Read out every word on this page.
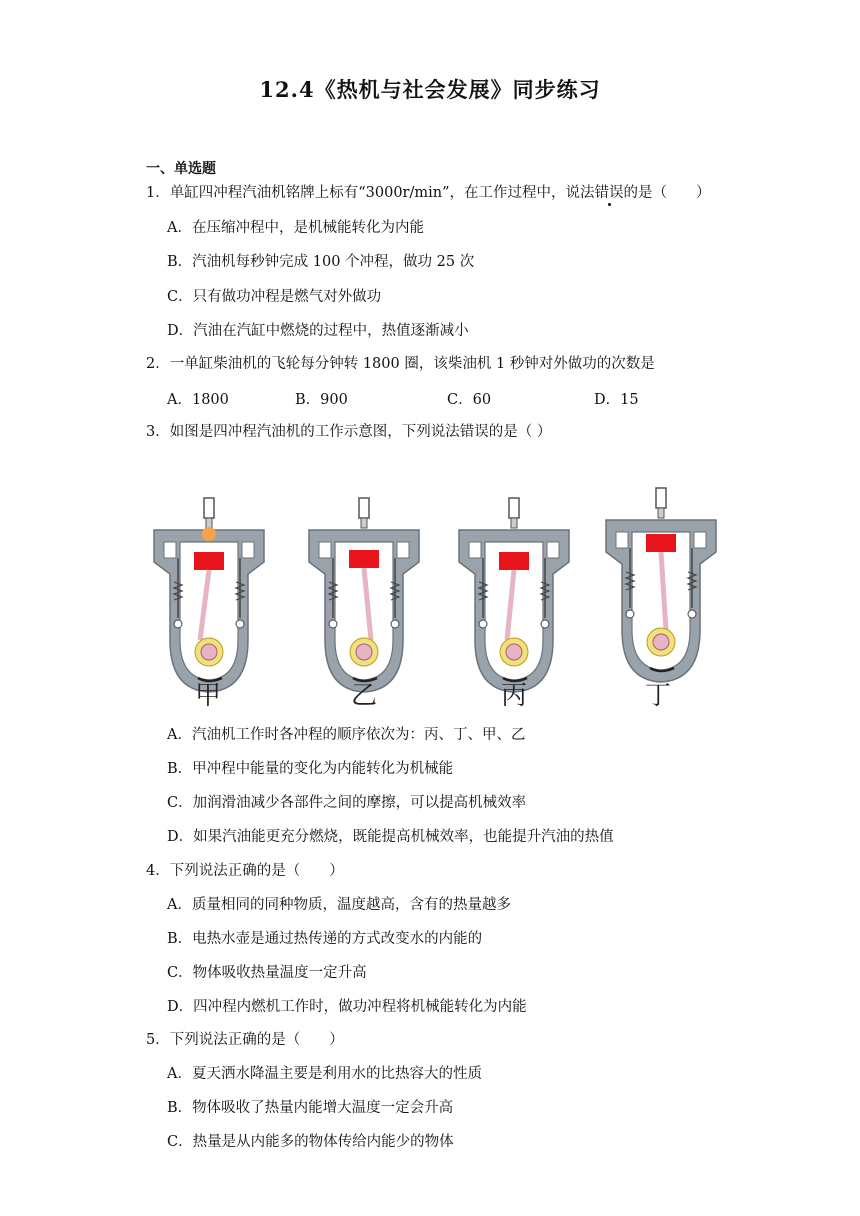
12.4《热机与社会发展》同步练习
一、单选题
1．单缸四冲程汽油机铭牌上标有“3000r/min”，在工作过程中，说法错误的是（　　）
A．在压缩冲程中，是机械能转化为内能
B．汽油机每秒钟完成 100 个冲程，做功 25 次
C．只有做功冲程是燃气对外做功
D．汽油在汽缸中燃烧的过程中，热值逐渐减小
2．一单缸柴油机的飞轮每分钟转 1800 圈，该柴油机 1 秒钟对外做功的次数是
A．1800	B．900	C．60	D．15
3．如图是四冲程汽油机的工作示意图，下列说法错误的是（ ）
甲	乙	丙	丁
A．汽油机工作时各冲程的顺序依次为：丙、丁、甲、乙
B．甲冲程中能量的变化为内能转化为机械能
C．加润滑油减少各部件之间的摩擦，可以提高机械效率
D．如果汽油能更充分燃烧，既能提高机械效率，也能提升汽油的热值
4．下列说法正确的是（　　）
A．质量相同的同种物质，温度越高，含有的热量越多
B．电热水壶是通过热传递的方式改变水的内能的
C．物体吸收热量温度一定升高
D．四冲程内燃机工作时，做功冲程将机械能转化为内能
5．下列说法正确的是（　　）
A．夏天洒水降温主要是利用水的比热容大的性质
B．物体吸收了热量内能增大温度一定会升高
C．热量是从内能多的物体传给内能少的物体
